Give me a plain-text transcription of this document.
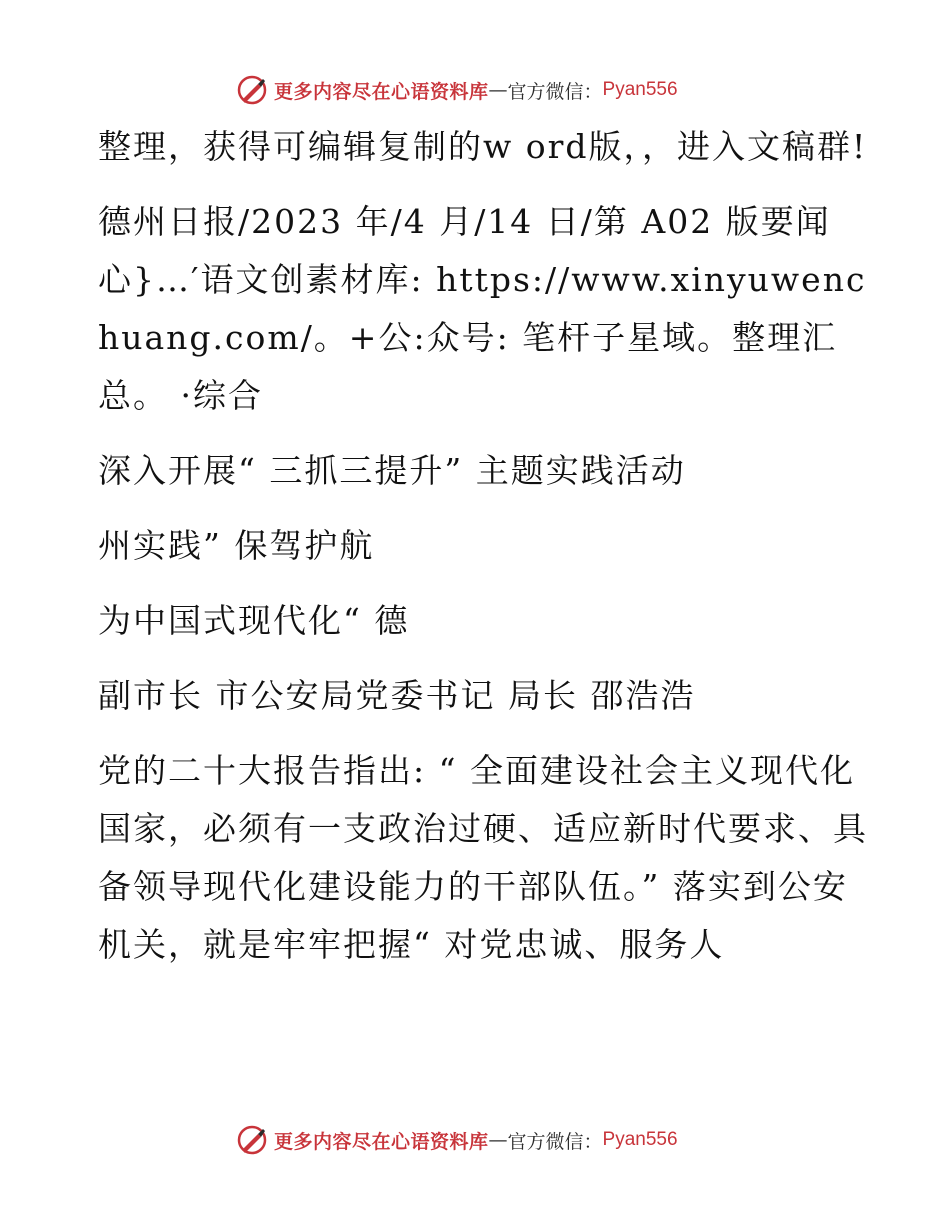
更多内容尽在心语资料库 — 官方微信： Pyan556

整理，获得可编辑复制的w ord版，，进入文稿群!

德州日报/2023 年/4 月/14 日/第 A02 版要闻心}…′语文创素材库: https://www.xinyuwenchuang.com/。+公:众号: 笔杆子星域。整理汇总。 ·综合

深入开展“ 三抓三提升” 主题实践活动

州实践” 保驾护航

为中国式现代化“ 德

副市长 市公安局党委书记 局长 邵浩浩

党的二十大报告指出: “ 全面建设社会主义现代化国家，必须有一支政治过硬、适应新时代要求、具备领导现代化建设能力的干部队伍。” 落实到公安机关，就是牢牢把握“ 对党忠诚、服务人

更多内容尽在心语资料库 — 官方微信： Pyan556
